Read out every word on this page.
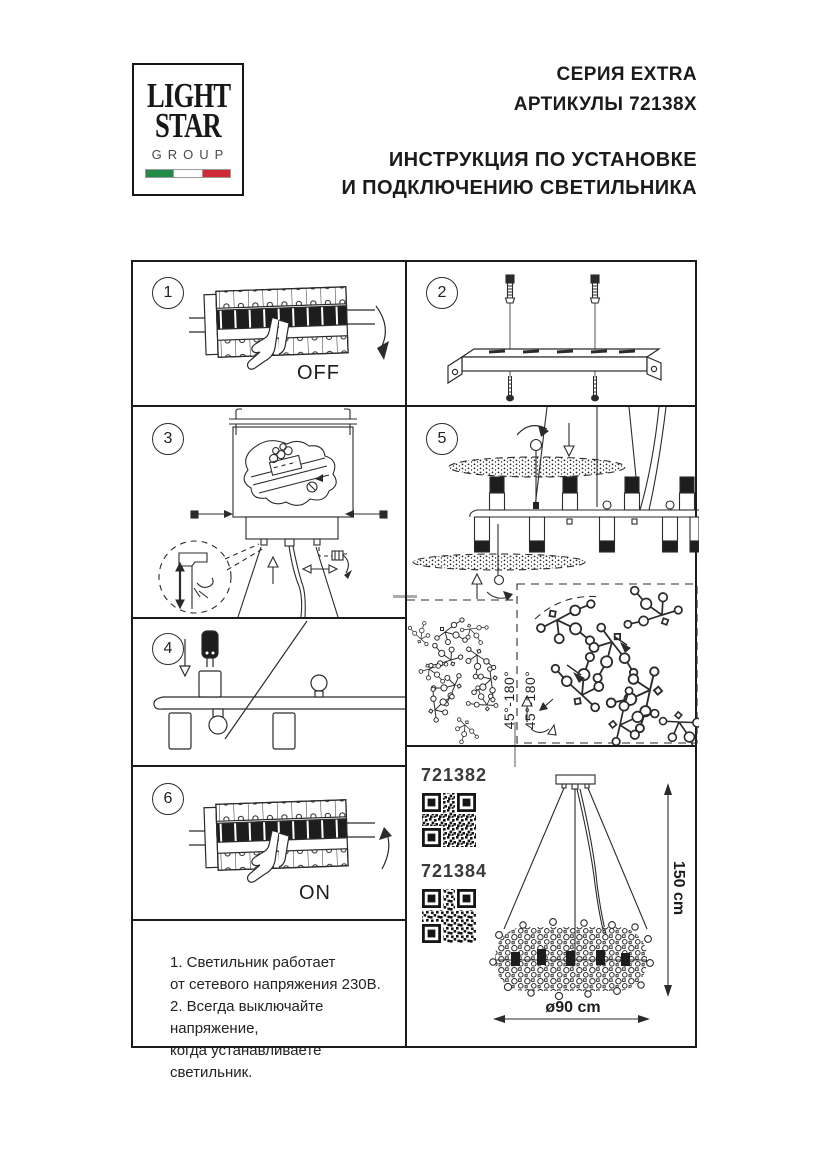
LIGHT
STAR
GROUP
СЕРИЯ EXTRA
АРТИКУЛЫ 72138X
ИНСТРУКЦИЯ ПО УСТАНОВКЕ
И ПОДКЛЮЧЕНИЮ СВЕТИЛЬНИКА
1
OFF
2
3
4
5
45°-180° 45°-180°
6
ON
1. Светильник работает
от сетевого напряжения 230В.
2. Всегда выключайте напряжение,
когда устанавливаете светильник.
721382
721384	150 cm
ø90 cm
